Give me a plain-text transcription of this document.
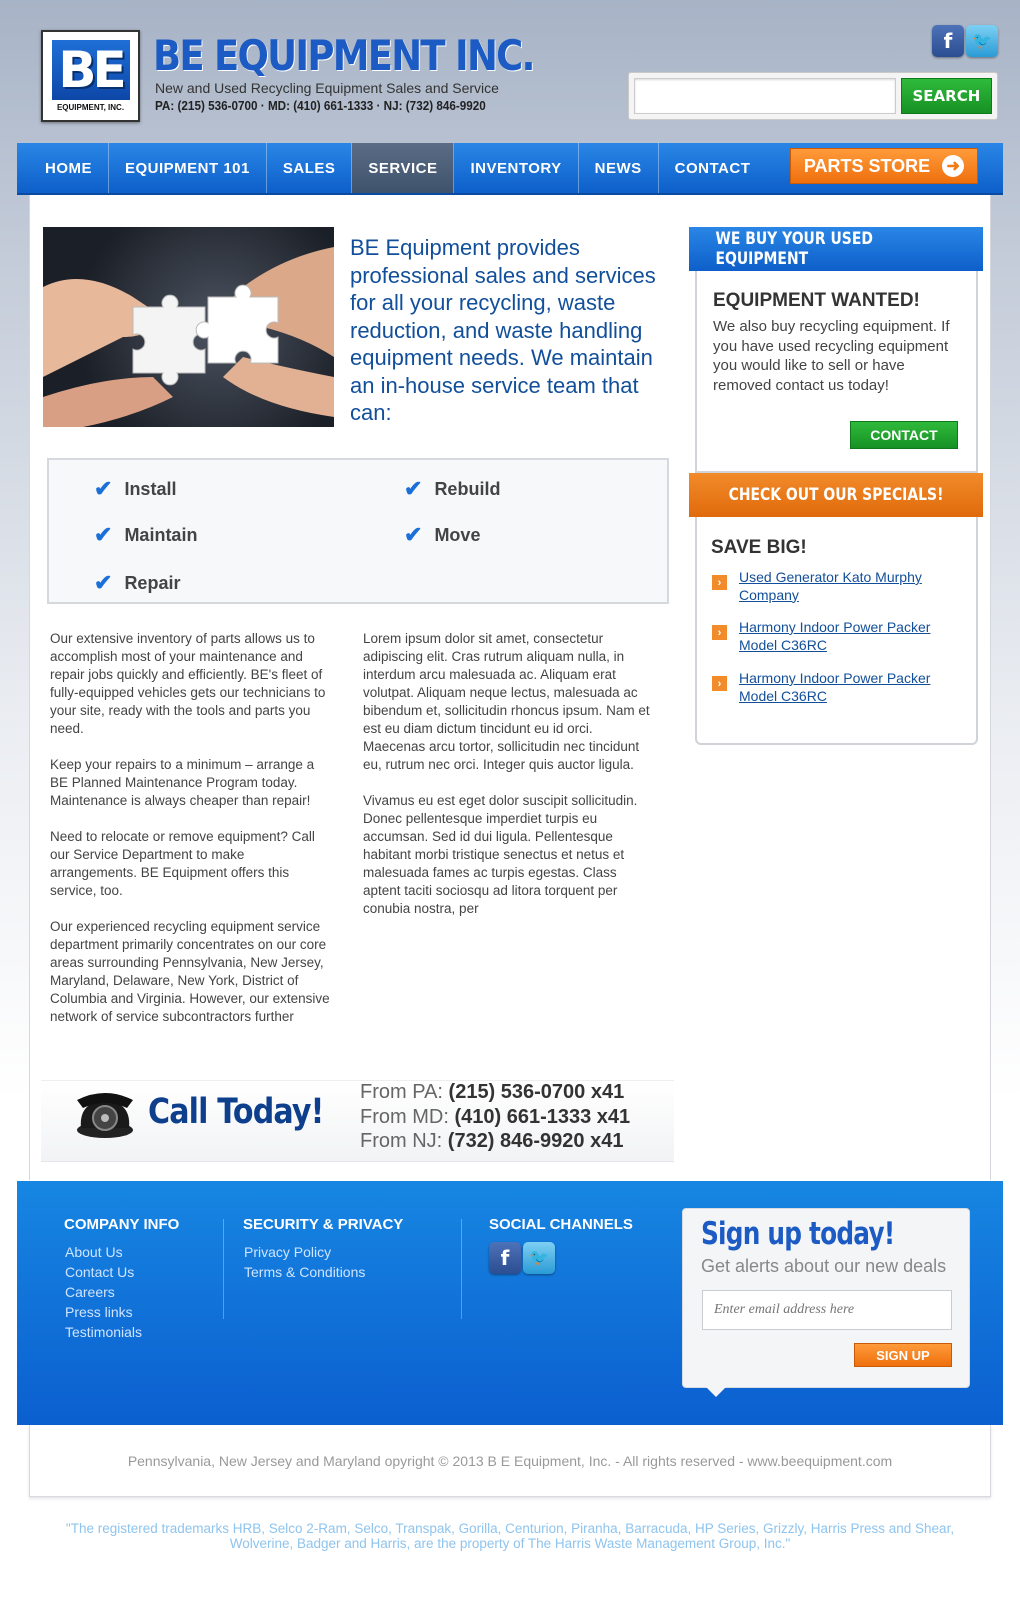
BE
EQUIPMENT, INC.
BE EQUIPMENT INC.
New and Used Recycling Equipment Sales and Service
PA: (215) 536-0700 · MD: (410) 661-1333 · NJ: (732) 846-9920
f	🐦
SEARCH
HOME	EQUIPMENT 101	SALES	SERVICE	INVENTORY	NEWS	CONTACT	PARTS STORE ➜
BE Equipment provides professional sales and services for all your recycling, waste reduction, and waste handling equipment needs. We maintain an in-house service team that can:
✔ Install	✔ Rebuild
✔ Maintain	✔ Move
✔ Repair

Our extensive inventory of parts allows us to accomplish most of your maintenance and repair jobs quickly and efficiently. BE's fleet of fully-equipped vehicles gets our technicians to your site, ready with the tools and parts you need.

Keep your repairs to a minimum – arrange a BE Planned Maintenance Program today. Maintenance is always cheaper than repair!

Need to relocate or remove equipment? Call our Service Department to make arrangements. BE Equipment offers this service, too.

Our experienced recycling equipment service department primarily concentrates on our core areas surrounding Pennsylvania, New Jersey, Maryland, Delaware, New York, District of Columbia and Virginia. However, our extensive network of service subcontractors further

Lorem ipsum dolor sit amet, consectetur adipiscing elit. Cras rutrum aliquam nulla, in interdum arcu malesuada ac. Aliquam erat volutpat. Aliquam neque lectus, malesuada ac bibendum et, sollicitudin rhoncus ipsum. Nam et est eu diam dictum tincidunt eu id orci. Maecenas arcu tortor, sollicitudin nec tincidunt eu, rutrum nec orci. Integer quis auctor ligula.

Vivamus eu est eget dolor suscipit sollicitudin. Donec pellentesque imperdiet turpis eu accumsan. Sed id dui ligula. Pellentesque habitant morbi tristique senectus et netus et malesuada fames ac turpis egestas. Class aptent taciti sociosqu ad litora torquent per conubia nostra, per

Call Today! From PA: (215) 536-0700 x41
From MD: (410) 661-1333 x41
From NJ: (732) 846-9920 x41
WE BUY YOUR USED EQUIPMENT
EQUIPMENT WANTED!
We also buy recycling equipment. If you have used recycling equipment you would like to sell or have removed contact us today!
CONTACT
CHECK OUT OUR SPECIALS!
SAVE BIG!
›	Used Generator Kato Murphy Company
›	Harmony Indoor Power Packer Model C36RC
›	Harmony Indoor Power Packer Model C36RC
COMPANY INFO
About Us
Contact Us
Careers
Press links
Testimonials
SECURITY & PRIVACY
Privacy Policy
Terms & Conditions
SOCIAL CHANNELS
f	🐦
Sign up today!
Get alerts about our new deals
Enter email address here
SIGN UP
Pennsylvania, New Jersey and Maryland opyright © 2013 B E Equipment, Inc. - All rights reserved - www.beequipment.com
"The registered trademarks HRB, Selco 2-Ram, Selco, Transpak, Gorilla, Centurion, Piranha, Barracuda, HP Series, Grizzly, Harris Press and Shear, Wolverine, Badger and Harris, are the property of The Harris Waste Management Group, Inc."
